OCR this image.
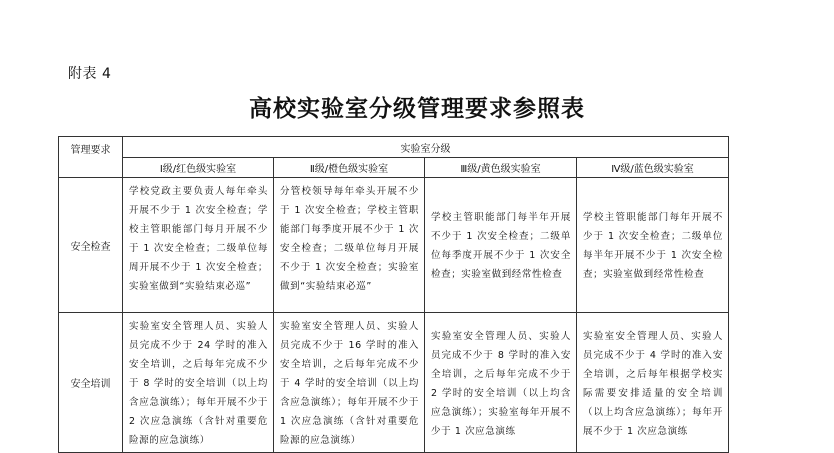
附表 4
高校实验室分级管理要求参照表
管理要求	实验室分级			
	Ⅰ级/红色级实验室	Ⅱ级/橙色级实验室	Ⅲ级/黄色级实验室	Ⅳ级/蓝色级实验室
安全检查	学校党政主要负责人每年牵头开展不少于 1 次安全检查；学校主管职能部门每月开展不少于 1 次安全检查；二级单位每周开展不少于 1 次安全检查；实验室做到“实验结束必巡”	分管校领导每年牵头开展不少于 1 次安全检查；学校主管职能部门每季度开展不少于 1 次安全检查；二级单位每月开展不少于 1 次安全检查；实验室做到“实验结束必巡”	学校主管职能部门每半年开展不少于 1 次安全检查；二级单位每季度开展不少于 1 次安全检查；实验室做到经常性检查	学校主管职能部门每年开展不少于 1 次安全检查；二级单位每半年开展不少于 1 次安全检查；实验室做到经常性检查
安全培训	实验室安全管理人员、实验人员完成不少于 24 学时的准入安全培训，之后每年完成不少于 8 学时的安全培训（以上均含应急演练）；每年开展不少于 2 次应急演练（含针对重要危险源的应急演练）	实验室安全管理人员、实验人员完成不少于 16 学时的准入安全培训，之后每年完成不少于 4 学时的安全培训（以上均含应急演练）；每年开展不少于 1 次应急演练（含针对重要危险源的应急演练）	实验室安全管理人员、实验人员完成不少于 8 学时的准入安全培训，之后每年完成不少于 2 学时的安全培训（以上均含应急演练）；实验室每年开展不少于 1 次应急演练	实验室安全管理人员、实验人员完成不少于 4 学时的准入安全培训，之后每年根据学校实际需要安排适量的安全培训（以上均含应急演练）；每年开展不少于 1 次应急演练
